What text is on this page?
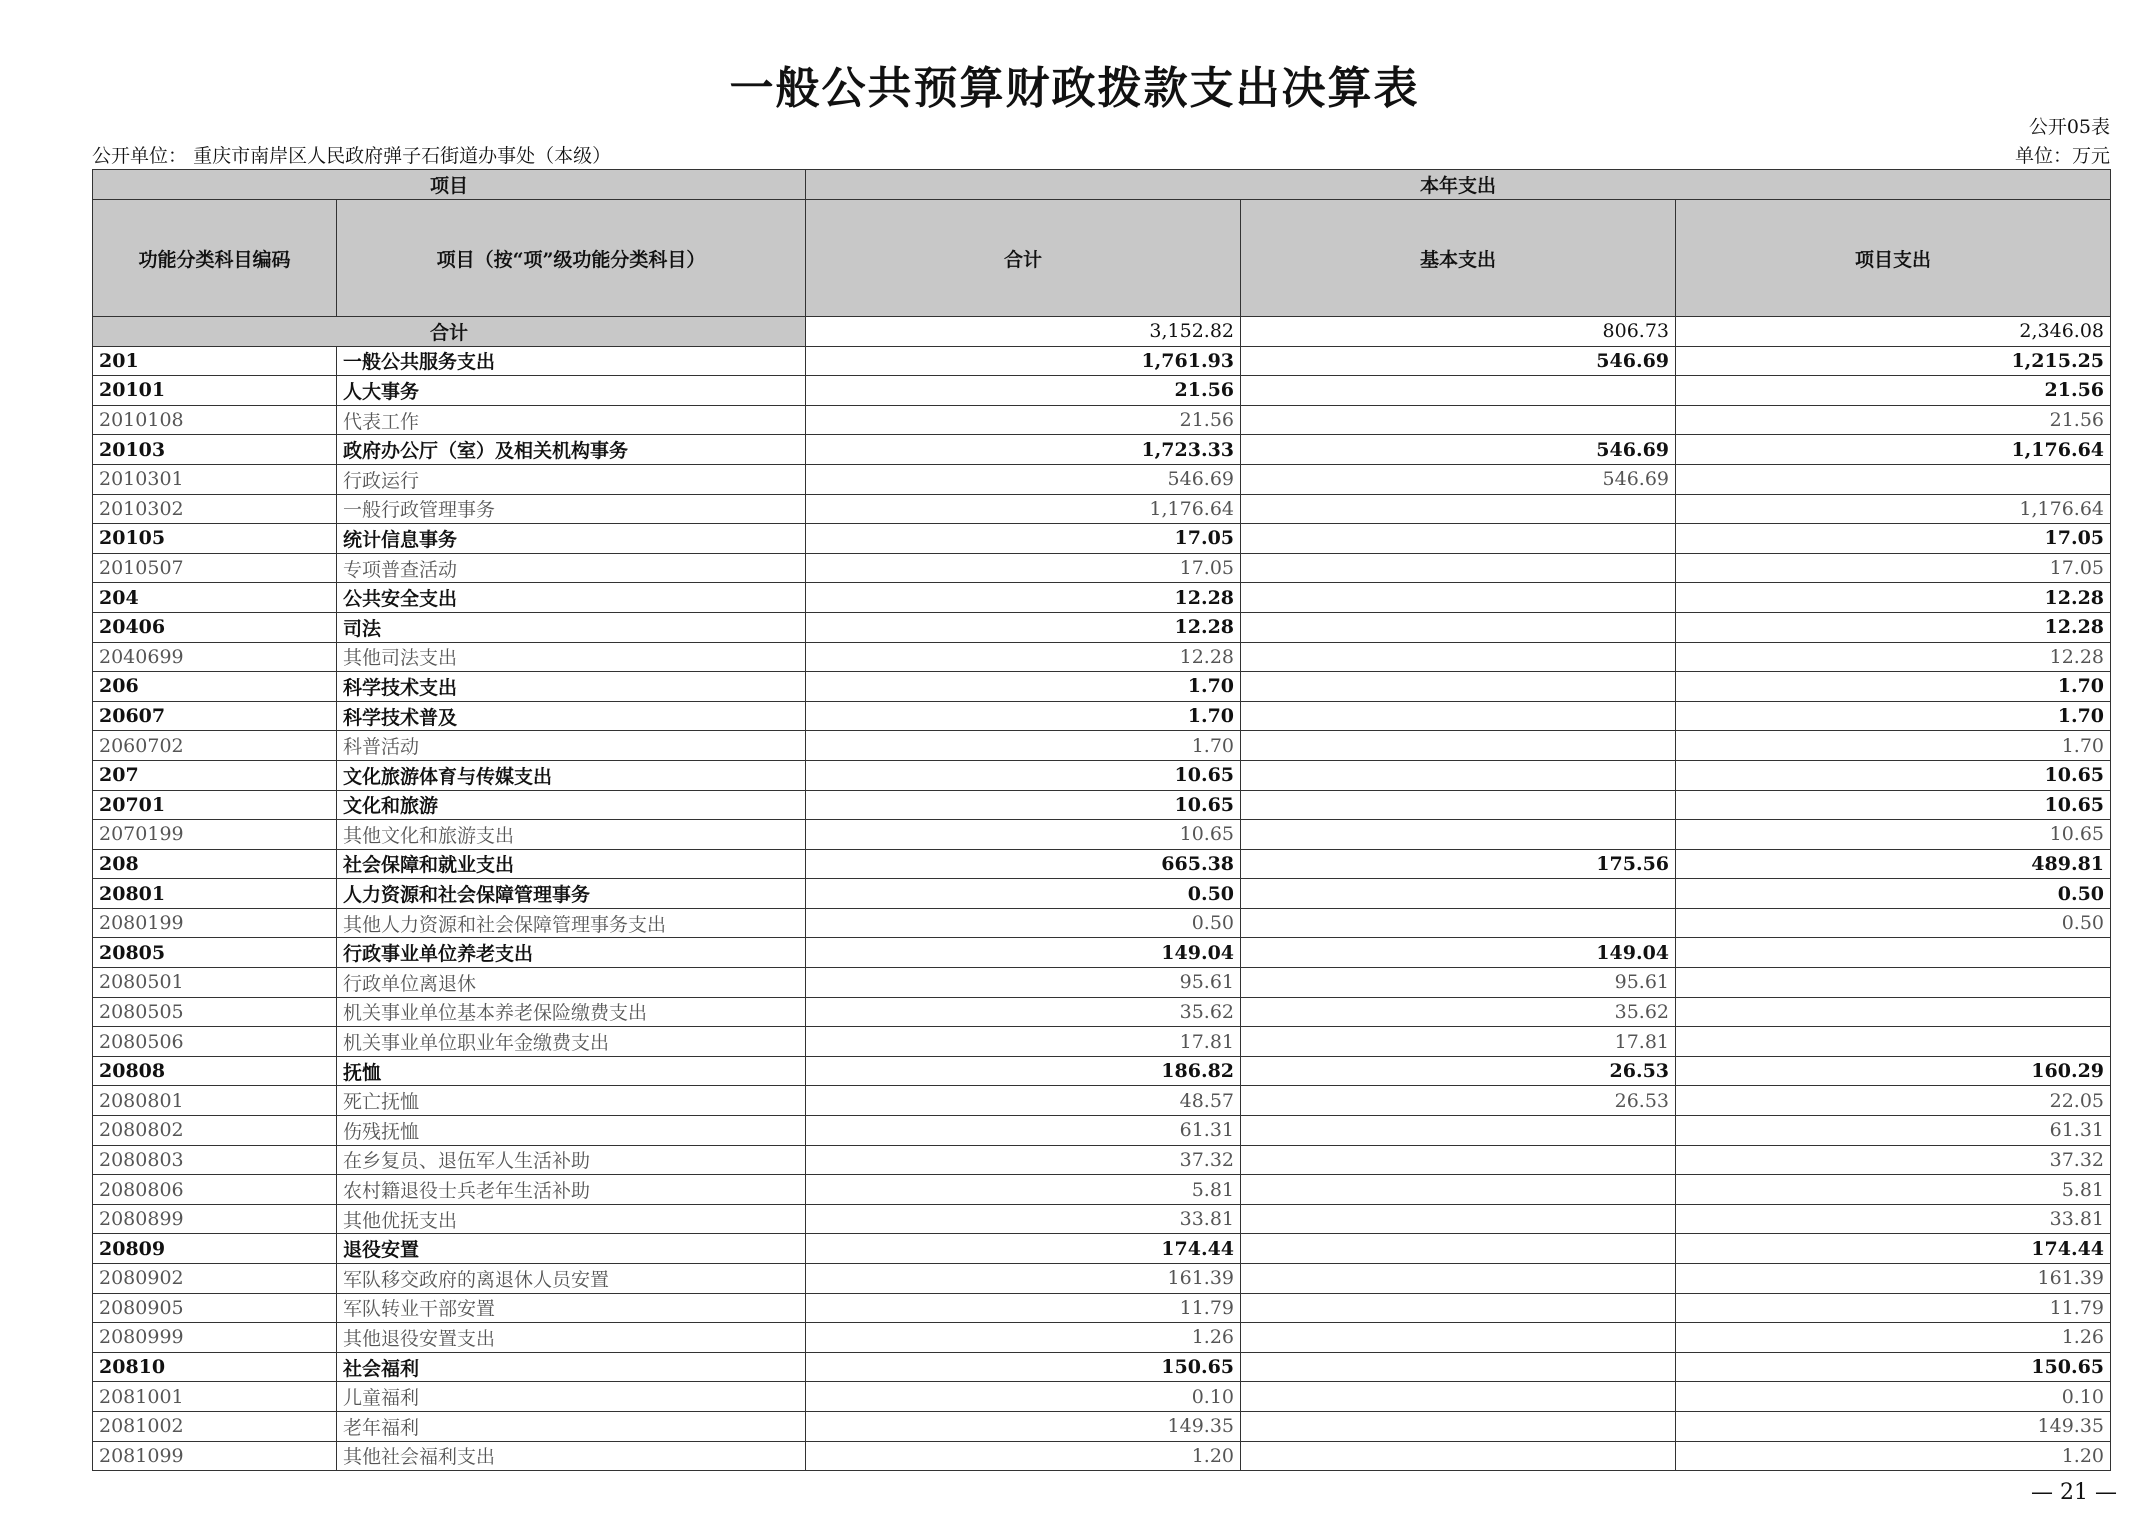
一般公共预算财政拨款支出决算表
公开05表
公开单位： 重庆市南岸区人民政府弹子石街道办事处（本级）	单位：万元
项目		本年支出		
功能分类科目编码	项目（按“项”级功能分类科目）	合计	基本支出	项目支出
合计		3,152.82	806.73	2,346.08
201	一般公共服务支出	1,761.93	546.69	1,215.25
20101	人大事务	21.56		21.56
2010108	代表工作	21.56		21.56
20103	政府办公厅（室）及相关机构事务	1,723.33	546.69	1,176.64
2010301	行政运行	546.69	546.69	
2010302	一般行政管理事务	1,176.64		1,176.64
20105	统计信息事务	17.05		17.05
2010507	专项普查活动	17.05		17.05
204	公共安全支出	12.28		12.28
20406	司法	12.28		12.28
2040699	其他司法支出	12.28		12.28
206	科学技术支出	1.70		1.70
20607	科学技术普及	1.70		1.70
2060702	科普活动	1.70		1.70
207	文化旅游体育与传媒支出	10.65		10.65
20701	文化和旅游	10.65		10.65
2070199	其他文化和旅游支出	10.65		10.65
208	社会保障和就业支出	665.38	175.56	489.81
20801	人力资源和社会保障管理事务	0.50		0.50
2080199	其他人力资源和社会保障管理事务支出	0.50		0.50
20805	行政事业单位养老支出	149.04	149.04	
2080501	行政单位离退休	95.61	95.61	
2080505	机关事业单位基本养老保险缴费支出	35.62	35.62	
2080506	机关事业单位职业年金缴费支出	17.81	17.81	
20808	抚恤	186.82	26.53	160.29
2080801	死亡抚恤	48.57	26.53	22.05
2080802	伤残抚恤	61.31		61.31
2080803	在乡复员、退伍军人生活补助	37.32		37.32
2080806	农村籍退役士兵老年生活补助	5.81		5.81
2080899	其他优抚支出	33.81		33.81
20809	退役安置	174.44		174.44
2080902	军队移交政府的离退休人员安置	161.39		161.39
2080905	军队转业干部安置	11.79		11.79
2080999	其他退役安置支出	1.26		1.26
20810	社会福利	150.65		150.65
2081001	儿童福利	0.10		0.10
2081002	老年福利	149.35		149.35
2081099	其他社会福利支出	1.20		1.20
— 21 —
